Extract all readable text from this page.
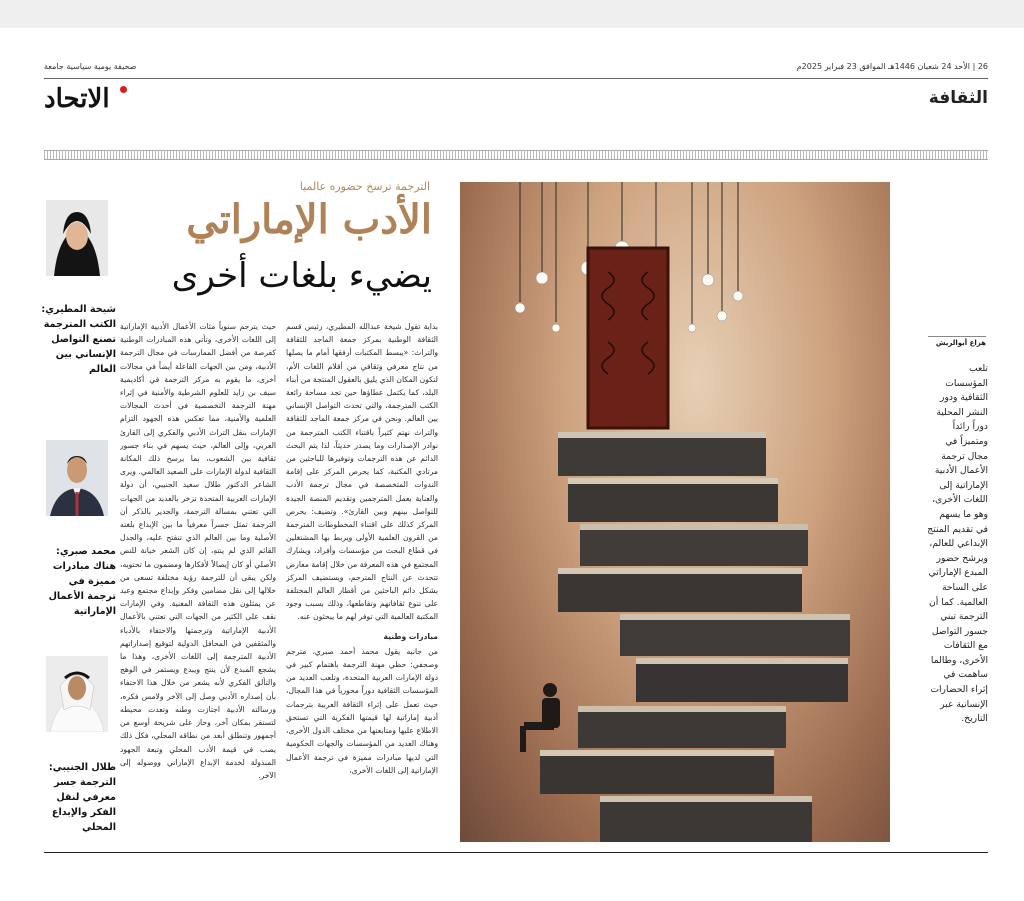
صحيفة يومية سياسية جامعة	26 | الأحد 24 شعبان 1446هـ الموافق 23 فبراير 2025م
الاتحاد	الثقافة
الترجمة ترسخ حضوره عالميا
الأدب الإماراتي
يضيء بلغات أخرى

بداية تقول شيخة عبدالله المطيري، رئيس قسم الثقافة الوطنية بمركز جمعة الماجد للثقافة والتراث: «يبسط المكتبات أرفقها أمام ما يصلها من نتاج معرفي وثقافي من أقلام اللغات الأم، لتكون المكان الذي يليق بالعقول المنتجة من أبناء البلد، كما يكتمل عطاؤها حين تجد مساحة رائعة الكتب المترجمة، والتي تحدث التواصل الإنساني بين العالم. ونحن في مركز جمعة الماجد للثقافة والتراث نهتم كثيراً باقتناء الكتب المترجمة من نوادر الإصدارات وما يصدر حديثاً، لذا يتم البحث الدائم عن هذه الترجمات وتوفيرها للباحثين من مرتادي المكتبة، كما يحرص المركز على إقامة الندوات المتخصصة في مجال ترجمة الأدب والعناية بعمل المترجمين وتقديم المنصة الجيدة للتواصل بينهم وبين القارئ». وتضيف: يحرص المركز كذلك على اقتناء المخطوطات المترجمة من القرون العلمية الأولى ويربط بها المشتغلين في قطاع البحث من مؤسسات وأفراد، ويشارك المجتمع في هذه المعرفة من خلال إقامة معارض تتحدث عن النتاج المترجم، ويستضيف المركز بشكل دائم الباحثين من أقطار العالم المختلفة على تنوع ثقافاتهم وتقاطعها، وذلك بسبب وجود المكتبة العالمية التي توفر لهم ما يبحثون عنه.

مبادرات وطنية

من جانبه يقول محمد أحمد صبري، مترجم وصحفي: حظي مهنة الترجمة باهتمام كبير في دولة الإمارات العربية المتحدة، وتلعب العديد من المؤسسات الثقافية دوراً محورياً في هذا المجال، حيث تعمل على إثراء الثقافة العربية بترجمات أدبية إماراتية لها قيمتها الفكرية التي تستحق الاطلاع عليها ومتابعتها من مختلف الدول الأخرى، وهناك العديد من المؤسسات والجهات الحكومية التي لديها مبادرات مميزة في ترجمة الأعمال الإماراتية إلى اللغات الأخرى،

حيث يترجم سنوياً مئات الأعمال الأدبية الإماراتية إلى اللغات الأخرى، وتأتي هذه المبادرات الوطنية كفرصة من أفضل الممارسات في مجال الترجمة الأدبية، ومن بين الجهات الفاعلة أيضاً في مجالات أخرى، ما يقوم به مركز الترجمة في أكاديمية سيف بن زايد للعلوم الشرطية والأمنية في إثراء مهنة الترجمة التخصصية في أحدث المجالات العلمية والأمنية، مما تعكس هذه الجهود التزام الإمارات بنقل التراث الأدبي والفكري إلى القارئ العربي، وإلى العالم، حيث يسهم في بناء جسور ثقافية بين الشعوب، بما يرسخ ذلك المكانة الثقافية لدولة الإمارات على الصعيد العالمي. ويرى الشاعر الدكتور طلال سعيد الجنيبي، أن دولة الإمارات العربية المتحدة تزخر بالعديد من الجهات التي تعتني بمسالة الترجمة، والجدير بالذكر أن الترجمة تمثل جسراً معرفياً ما بين الإبداع بلغته الأصلية وما بين العالم الذي تنفتح عليه، والجدل القائم الذي لم ينتهِ، إن كان الشعر خيانة للنص الأصلي أو كان إيصالاً لأفكارها ومضمون ما تحتويه، ولكن يبقى أن للترجمة رؤية مختلفة تسعى من خلالها إلى نقل مضامين وفكر وإبداع مجتمع وعبد عن يمثلون هذه الثقافة المعنية. وفي الإمارات نقف على الكثير من الجهات التي تعتني بالأعمال الأدبية الإماراتية وترجمتها والاحتفاء بالأدباء والمثقفين في المحافل الدولية لتوقيع إصداراتهم الأدبية المترجمة إلى اللغات الأخرى، وهذا ما يشجع المبدع لأن ينتج ويبدع ويستمر في الوهج والتألق الفكري لأنه يشعر من خلال هذا الاحتفاء بأن إصداره الأدبي وصل إلى الآخر ولامس فكره، ورسالته الأدبية اجتازت وطنه وتعدت محيطه لتستقر بمكان آخر، وحاز على شريحة أوسع من أجمهور وتنطلق أبعد من نطاقه المحلي، فكل ذلك يصب في قيمة الأدب المحلي وتبعة الجهود المبذولة لخدمة الإبداع الإماراتي ووصوله إلى الآخر.

هزاع أبوالريش
تلعب المؤسسات الثقافية ودور النشر المحلية دوراً رائداً ومتميزاً في مجال ترجمة الأعمال الأدبية الإماراتية إلى اللغات الأخرى، وهو ما يسهم في تقديم المنتج الإبداعي للعالم، ويرشح حضور المبدع الإماراتي على الساحة العالمية. كما أن الترجمة تبني جسور التواصل مع الثقافات الأخرى، وطالما ساهمت في إثراء الحضارات الإنسانية عبر التاريخ.
شيخة المطيري: الكتب المترجمة تصنع التواصل الإنساني بين العالم
محمد صبري: هناك مبادرات مميزة في ترجمة الأعمال الإماراتية
طلال الجنيبي: الترجمة جسر معرفي لنقل الفكر والإبداع المحلي
